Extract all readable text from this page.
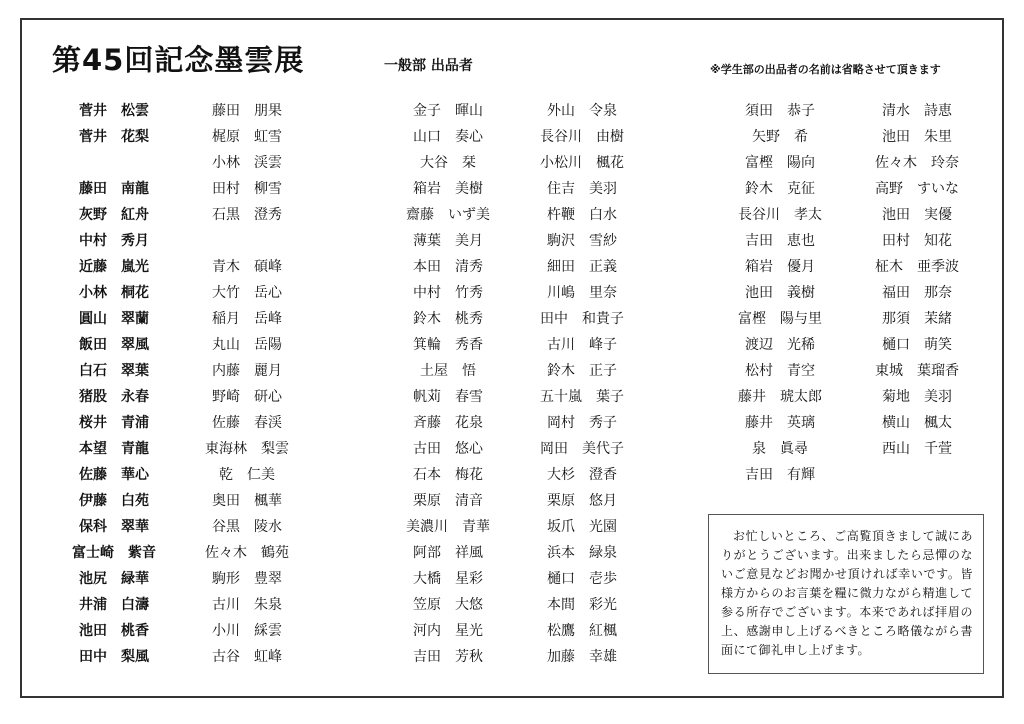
第45回記念墨雲展	一般部 出品者	※学生部の出品者の名前は省略させて頂きます
菅井　松雲
菅井　花梨
藤田　南龍
灰野　紅舟
中村　秀月
近藤　嵐光
小林　桐花
圓山　翠蘭
飯田　翠風
白石　翠葉
猪股　永春
桜井　青浦
本望　青龍
佐藤　華心
伊藤　白苑
保科　翠華
富士崎　紫音
池尻　緑華
井浦　白濤
池田　桃香
田中　梨風
藤田　朋果
梶原　虹雪
小林　渓雲
田村　柳雪
石黒　澄秀
青木　碩峰
大竹　岳心
稲月　岳峰
丸山　岳陽
内藤　麗月
野崎　研心
佐藤　春渓
東海林　梨雲
乾　仁美
奥田　楓華
谷黒　陵水
佐々木　鶴苑
駒形　豊翠
古川　朱泉
小川　綵雲
古谷　虹峰
金子　暉山
山口　奏心
大谷　栞
箱岩　美樹
齋藤　いず美
薄葉　美月
本田　清秀
中村　竹秀
鈴木　桃秀
箕輪　秀香
土屋　悟
帆苅　春雪
斉藤　花泉
古田　悠心
石本　梅花
栗原　清音
美濃川　青華
阿部　祥風
大橋　星彩
笠原　大悠
河内　星光
吉田　芳秋
外山　令泉
長谷川　由樹
小松川　楓花
住吉　美羽
杵鞭　白水
駒沢　雪紗
細田　正義
川嶋　里奈
田中　和貴子
古川　峰子
鈴木　正子
五十嵐　葉子
岡村　秀子
岡田　美代子
大杉　澄香
栗原　悠月
坂爪　光園
浜本　緑泉
樋口　壱歩
本間　彩光
松鷹　紅楓
加藤　幸雄
須田　恭子
矢野　希
富樫　陽向
鈴木　克征
長谷川　孝太
吉田　恵也
箱岩　優月
池田　義樹
富樫　陽与里
渡辺　光稀
松村　青空
藤井　琥太郎
藤井　英璃
泉　眞尋
吉田　有輝
清水　詩恵
池田　朱里
佐々木　玲奈
高野　すいな
池田　実優
田村　知花
柾木　亜季波
福田　那奈
那須　茉緒
樋口　萌笑
東城　葉瑠香
菊地　美羽
横山　楓太
西山　千萱
お忙しいところ、ご高覧頂きまして誠にありがとうございます。出来ましたら忌憚のないご意見などお聞かせ頂ければ幸いです。皆様方からのお言葉を糧に微力ながら精進して参る所存でございます。本来であれば拝眉の上、感謝申し上げるべきところ略儀ながら書面にて御礼申し上げます。
